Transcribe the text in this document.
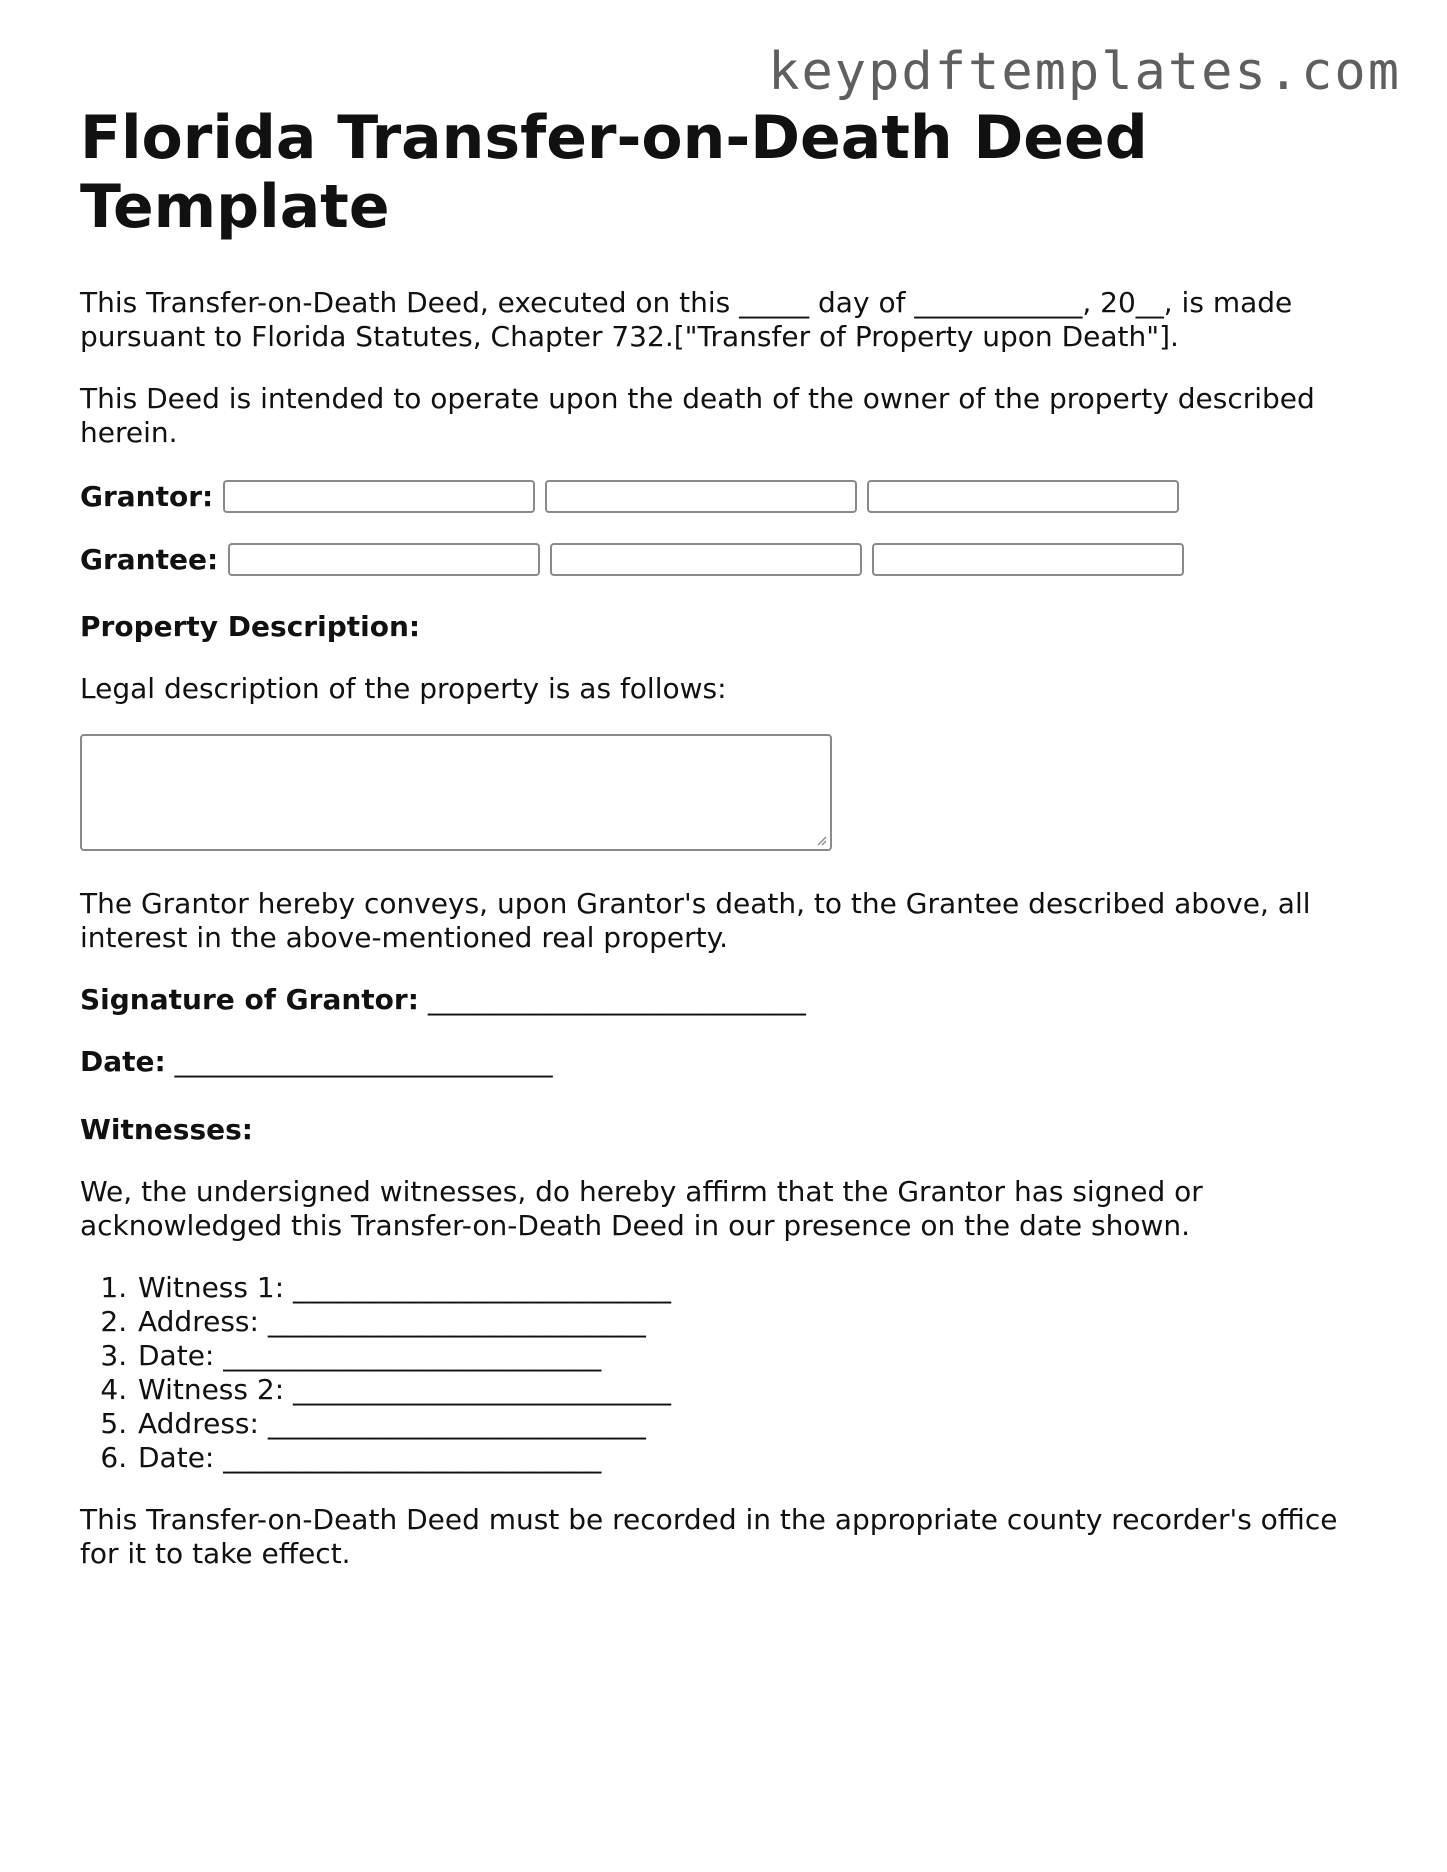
keypdftemplates.com
Florida Transfer-on-Death Deed Template

This Transfer-on-Death Deed, executed on this _____ day of ____________, 20__, is made pursuant to Florida Statutes, Chapter 732.["Transfer of Property upon Death"].

This Deed is intended to operate upon the death of the owner of the property described herein.

Grantor:
Grantee:

Property Description:

Legal description of the property is as follows:

The Grantor hereby conveys, upon Grantor's death, to the Grantee described above, all interest in the above-mentioned real property.

Signature of Grantor: ___________________________

Date: ___________________________

Witnesses:

We, the undersigned witnesses, do hereby affirm that the Grantor has signed or acknowledged this Transfer-on-Death Deed in our presence on the date shown.

1. Witness 1: ___________________________
2. Address: ___________________________
3. Date: ___________________________
4. Witness 2: ___________________________
5. Address: ___________________________
6. Date: ___________________________

This Transfer-on-Death Deed must be recorded in the appropriate county recorder's office for it to take effect.
